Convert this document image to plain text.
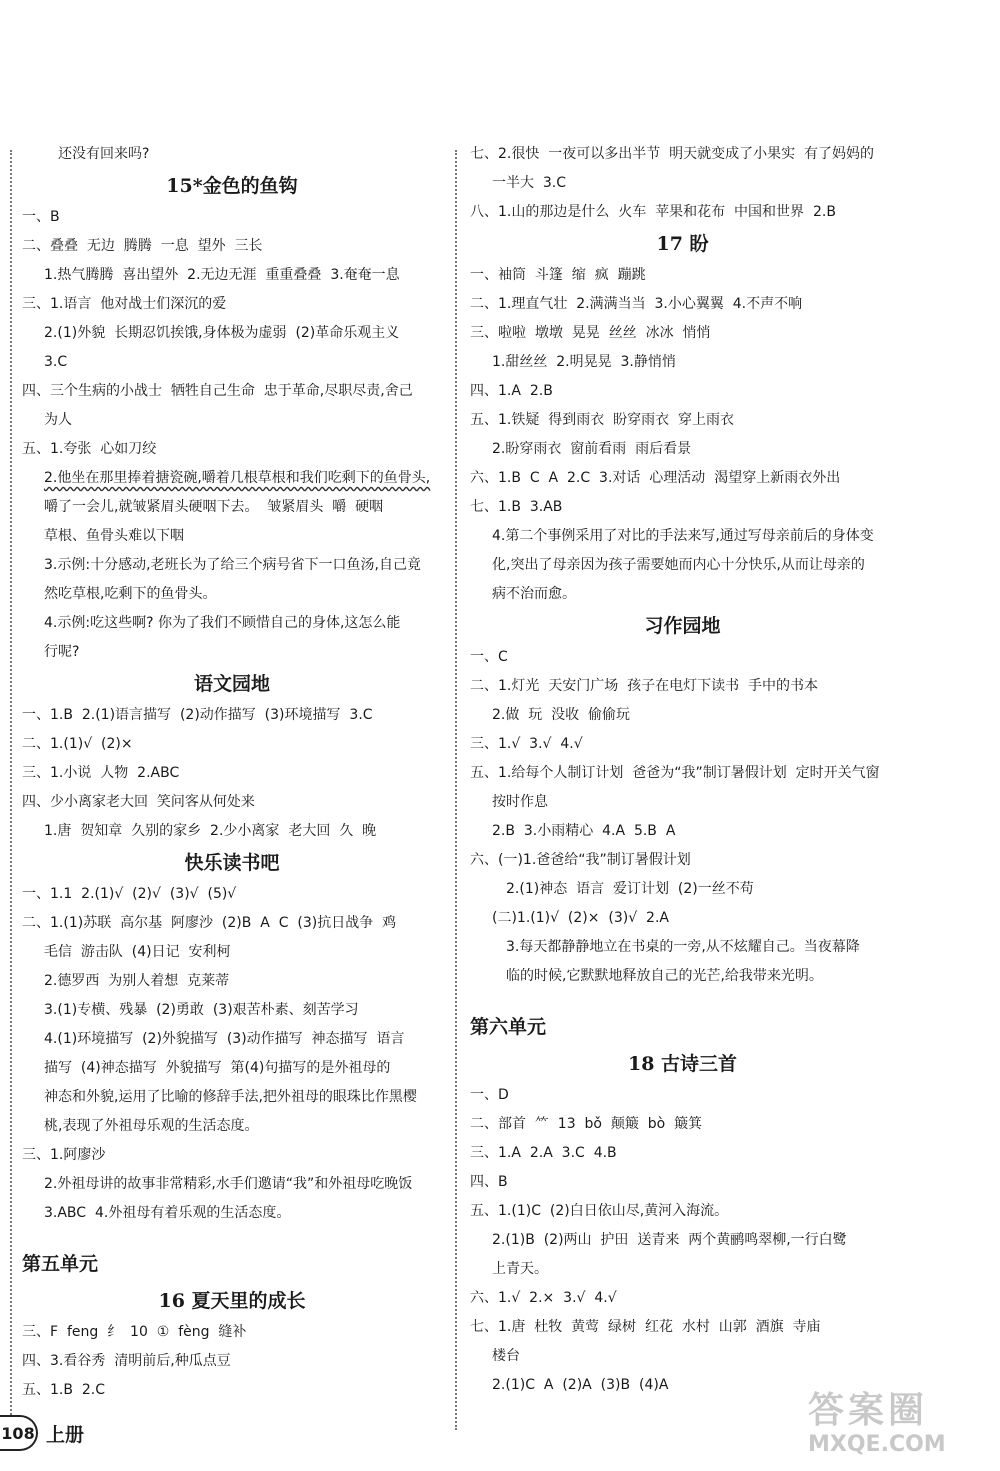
还没有回来吗?
15*金色的鱼钩
一、B
二、叠叠  无边  腾腾  一息  望外  三长
1.热气腾腾  喜出望外  2.无边无涯  重重叠叠  3.奄奄一息
三、1.语言  他对战士们深沉的爱
2.(1)外貌  长期忍饥挨饿,身体极为虚弱  (2)革命乐观主义
3.C
四、三个生病的小战士  牺牲自己生命  忠于革命,尽职尽责,舍己
为人
五、1.夸张  心如刀绞
2.他坐在那里捧着搪瓷碗,嚼着几根草根和我们吃剩下的鱼骨头,
嚼了一会儿,就皱紧眉头硬咽下去。  皱紧眉头  嚼  硬咽
草根、鱼骨头难以下咽
3.示例:十分感动,老班长为了给三个病号省下一口鱼汤,自己竟
然吃草根,吃剩下的鱼骨头。
4.示例:吃这些啊? 你为了我们不顾惜自己的身体,这怎么能
行呢?
语文园地
一、1.B  2.(1)语言描写  (2)动作描写  (3)环境描写  3.C
二、1.(1)√  (2)×
三、1.小说  人物  2.ABC
四、少小离家老大回  笑问客从何处来
1.唐  贺知章  久别的家乡  2.少小离家  老大回  久  晚
快乐读书吧
一、1.1  2.(1)√  (2)√  (3)√  (5)√
二、1.(1)苏联  高尔基  阿廖沙  (2)B  A  C  (3)抗日战争  鸡
毛信  游击队  (4)日记  安利柯
2.德罗西  为别人着想  克莱蒂
3.(1)专横、残暴  (2)勇敢  (3)艰苦朴素、刻苦学习
4.(1)环境描写  (2)外貌描写  (3)动作描写  神态描写  语言
描写  (4)神态描写  外貌描写  第(4)句描写的是外祖母的
神态和外貌,运用了比喻的修辞手法,把外祖母的眼珠比作黑樱
桃,表现了外祖母乐观的生活态度。
三、1.阿廖沙
2.外祖母讲的故事非常精彩,水手们邀请“我”和外祖母吃晚饭
3.ABC  4.外祖母有着乐观的生活态度。
第五单元
16 夏天里的成长
三、F  feng  纟  10  ①  fèng  缝补
四、3.看谷秀  清明前后,种瓜点豆
五、1.B  2.C
七、2.很快  一夜可以多出半节  明天就变成了小果实  有了妈妈的
一半大  3.C
八、1.山的那边是什么  火车  苹果和花布  中国和世界  2.B
17 盼
一、袖筒  斗篷  缩  疯  蹦跳
二、1.理直气壮  2.满满当当  3.小心翼翼  4.不声不响
三、啦啦  墩墩  晃晃  丝丝  冰冰  悄悄
1.甜丝丝  2.明晃晃  3.静悄悄
四、1.A  2.B
五、1.铁疑  得到雨衣  盼穿雨衣  穿上雨衣
2.盼穿雨衣  窗前看雨  雨后看景
六、1.B  C  A  2.C  3.对话  心理活动  渴望穿上新雨衣外出
七、1.B  3.AB
4.第二个事例采用了对比的手法来写,通过写母亲前后的身体变
化,突出了母亲因为孩子需要她而内心十分快乐,从而让母亲的
病不治而愈。
习作园地
一、C
二、1.灯光  天安门广场  孩子在电灯下读书  手中的书本
2.做  玩  没收  偷偷玩
三、1.√  3.√  4.√
五、1.给每个人制订计划  爸爸为“我”制订暑假计划  定时开关气窗
按时作息
2.B  3.小雨精心  4.A  5.B  A
六、(一)1.爸爸给“我”制订暑假计划
2.(1)神态  语言  爱订计划  (2)一丝不苟
(二)1.(1)√  (2)×  (3)√  2.A
3.每天都静静地立在书桌的一旁,从不炫耀自己。当夜幕降
临的时候,它默默地释放自己的光芒,给我带来光明。
第六单元
18 古诗三首
一、D
二、部首  ⺮  13  bǒ  颠簸  bò  簸箕
三、1.A  2.A  3.C  4.B
四、B
五、1.(1)C  (2)白日依山尽,黄河入海流。
2.(1)B  (2)两山  护田  送青来  两个黄鹂鸣翠柳,一行白鹭
上青天。
六、1.√  2.×  3.√  4.√
七、1.唐  杜牧  黄莺  绿树  红花  水村  山郭  酒旗  寺庙
楼台
2.(1)C  A  (2)A  (3)B  (4)A
108 上册
答案圈
MXQE.COM
